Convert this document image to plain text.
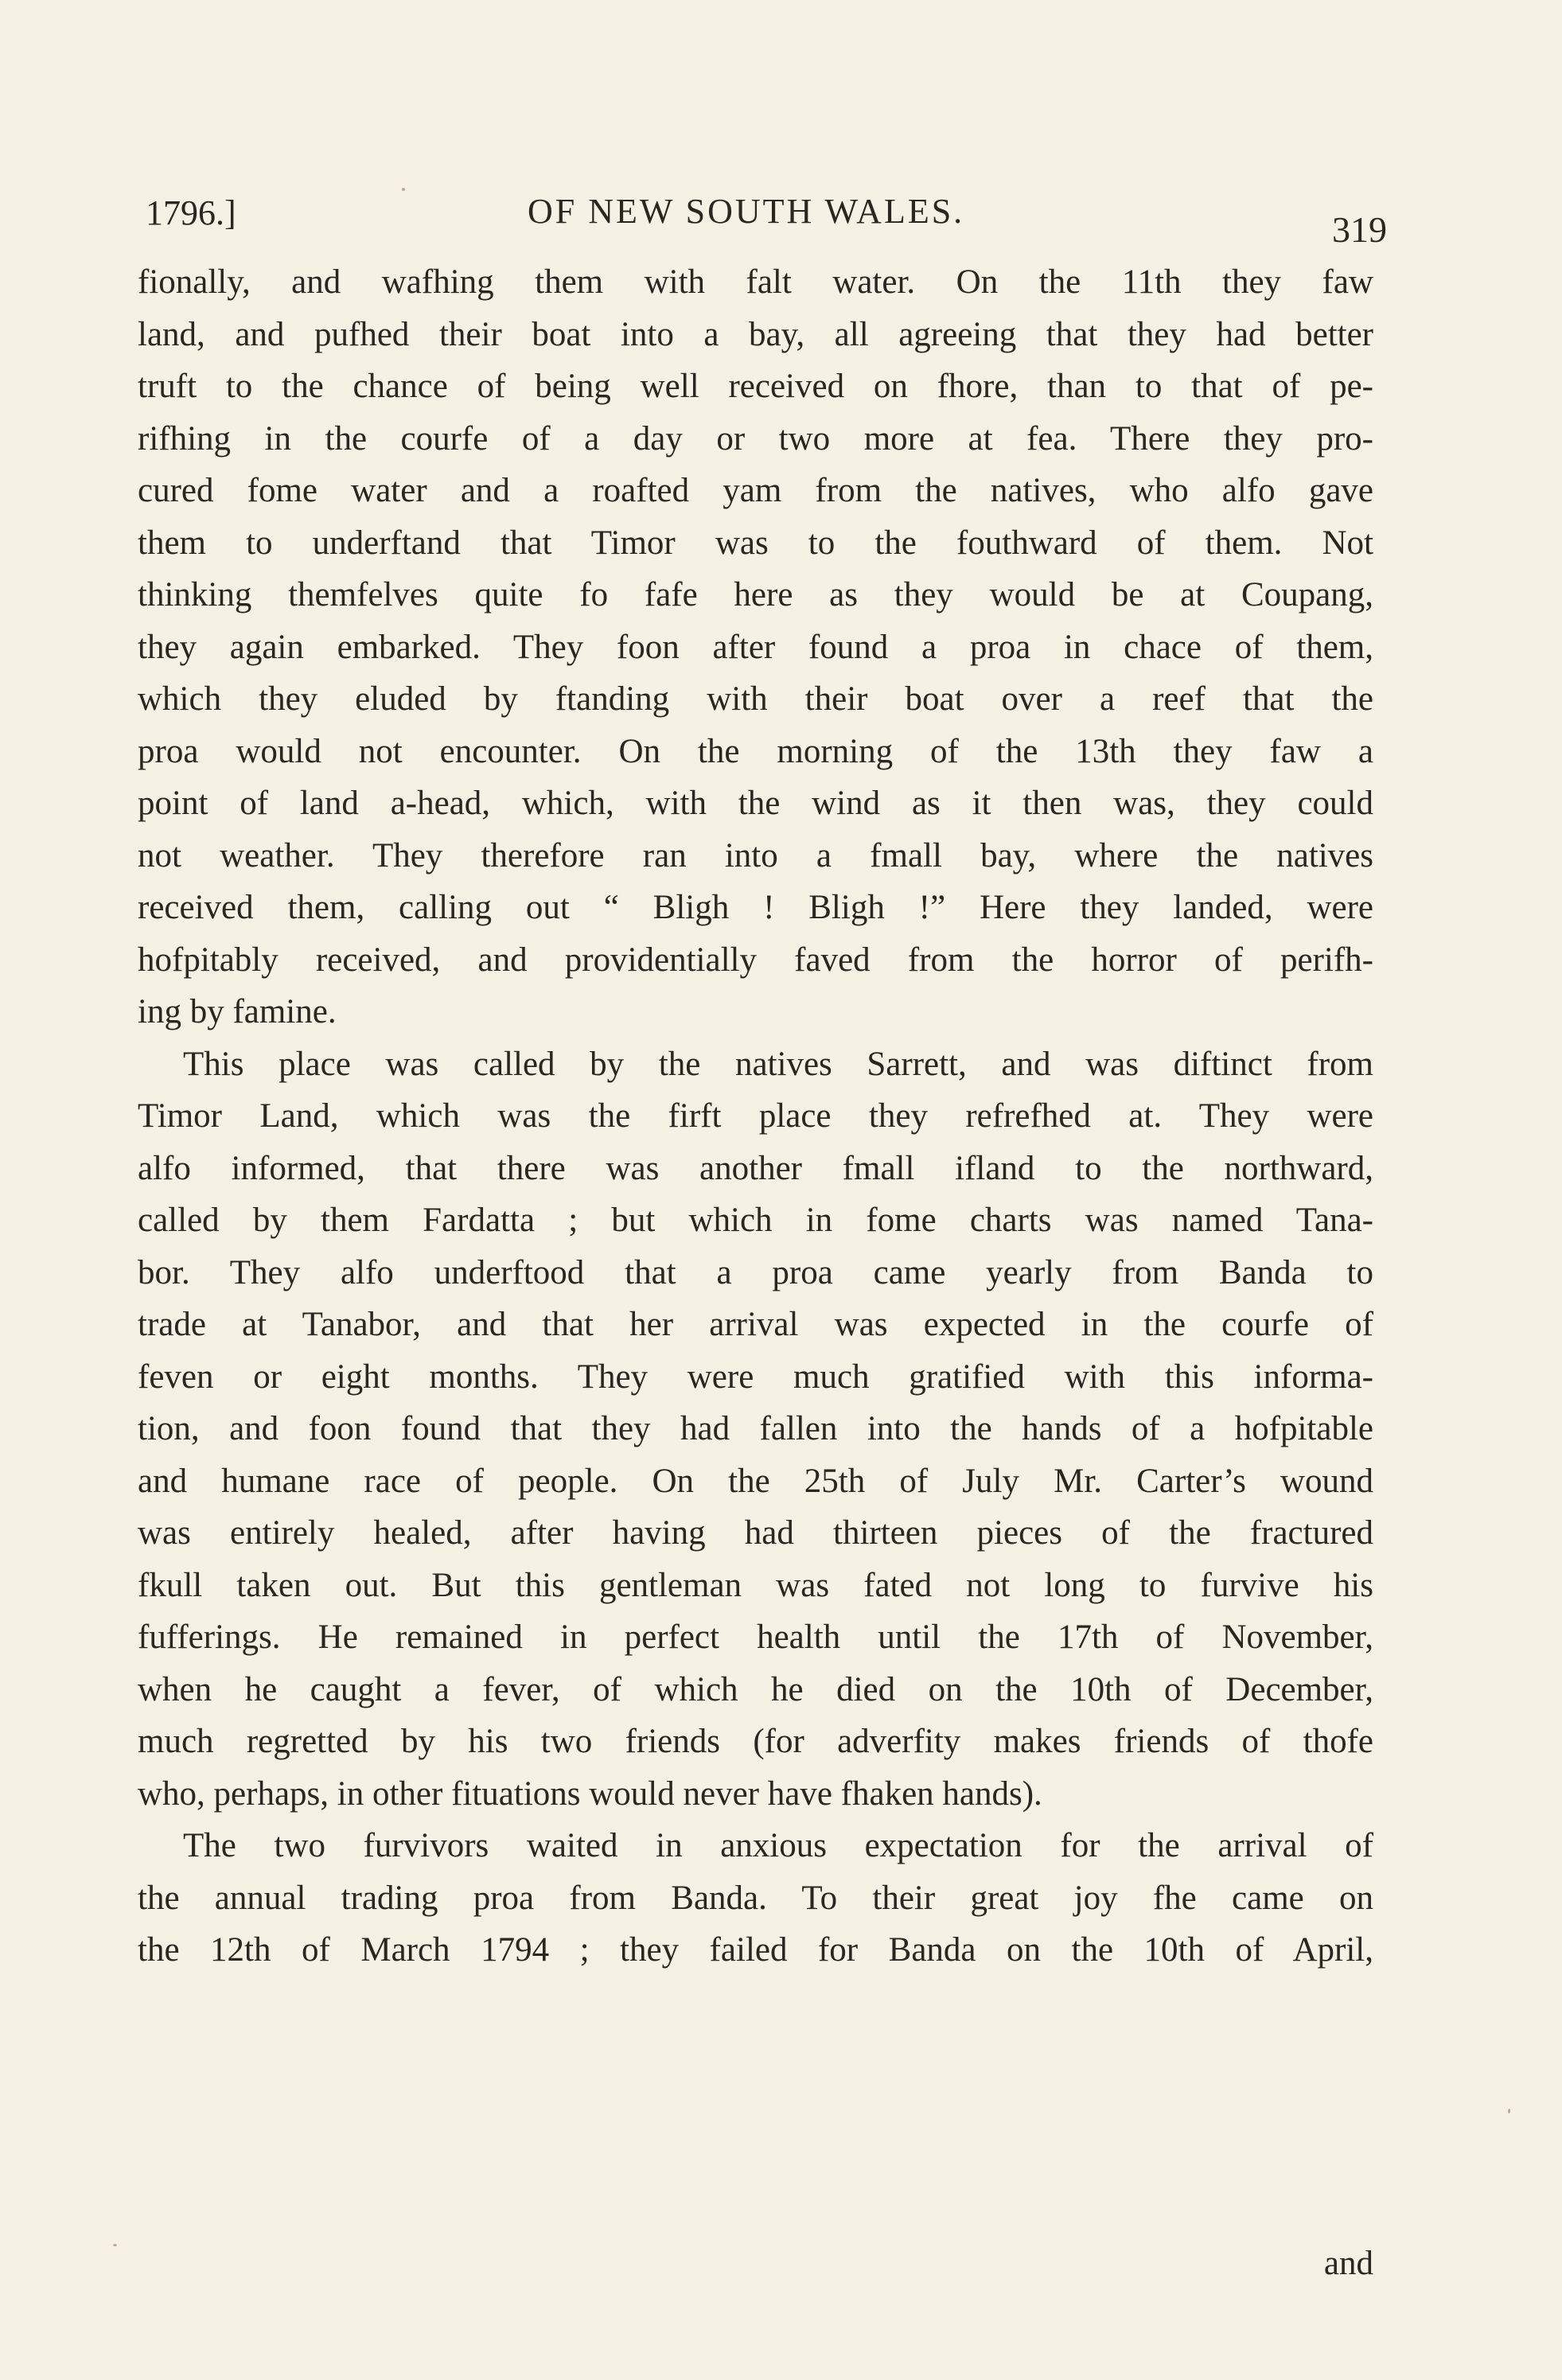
1796.]	OF NEW SOUTH WALES.	319
fionally, and wafhing them with falt water. On the 11th they faw
land, and pufhed their boat into a bay, all agreeing that they had better
truft to the chance of being well received on fhore, than to that of pe-
rifhing in the courfe of a day or two more at fea. There they pro-
cured fome water and a roafted yam from the natives, who alfo gave
them to underftand that Timor was to the fouthward of them. Not
thinking themfelves quite fo fafe here as they would be at Coupang,
they again embarked. They foon after found a proa in chace of them,
which they eluded by ftanding with their boat over a reef that the
proa would not encounter. On the morning of the 13th they faw a
point of land a-head, which, with the wind as it then was, they could
not weather. They therefore ran into a fmall bay, where the natives
received them, calling out “ Bligh ! Bligh !” Here they landed, were
hofpitably received, and providentially faved from the horror of perifh-
ing by famine.
This place was called by the natives Sarrett, and was diftinct from
Timor Land, which was the firft place they refrefhed at. They were
alfo informed, that there was another fmall ifland to the northward,
called by them Fardatta ; but which in fome charts was named Tana-
bor. They alfo underftood that a proa came yearly from Banda to
trade at Tanabor, and that her arrival was expected in the courfe of
feven or eight months. They were much gratified with this informa-
tion, and foon found that they had fallen into the hands of a hofpitable
and humane race of people. On the 25th of July Mr. Carter’s wound
was entirely healed, after having had thirteen pieces of the fractured
fkull taken out. But this gentleman was fated not long to furvive his
fufferings. He remained in perfect health until the 17th of November,
when he caught a fever, of which he died on the 10th of December,
much regretted by his two friends (for adverfity makes friends of thofe
who, perhaps, in other fituations would never have fhaken hands).
The two furvivors waited in anxious expectation for the arrival of
the annual trading proa from Banda. To their great joy fhe came on
the 12th of March 1794 ; they failed for Banda on the 10th of April,
and
